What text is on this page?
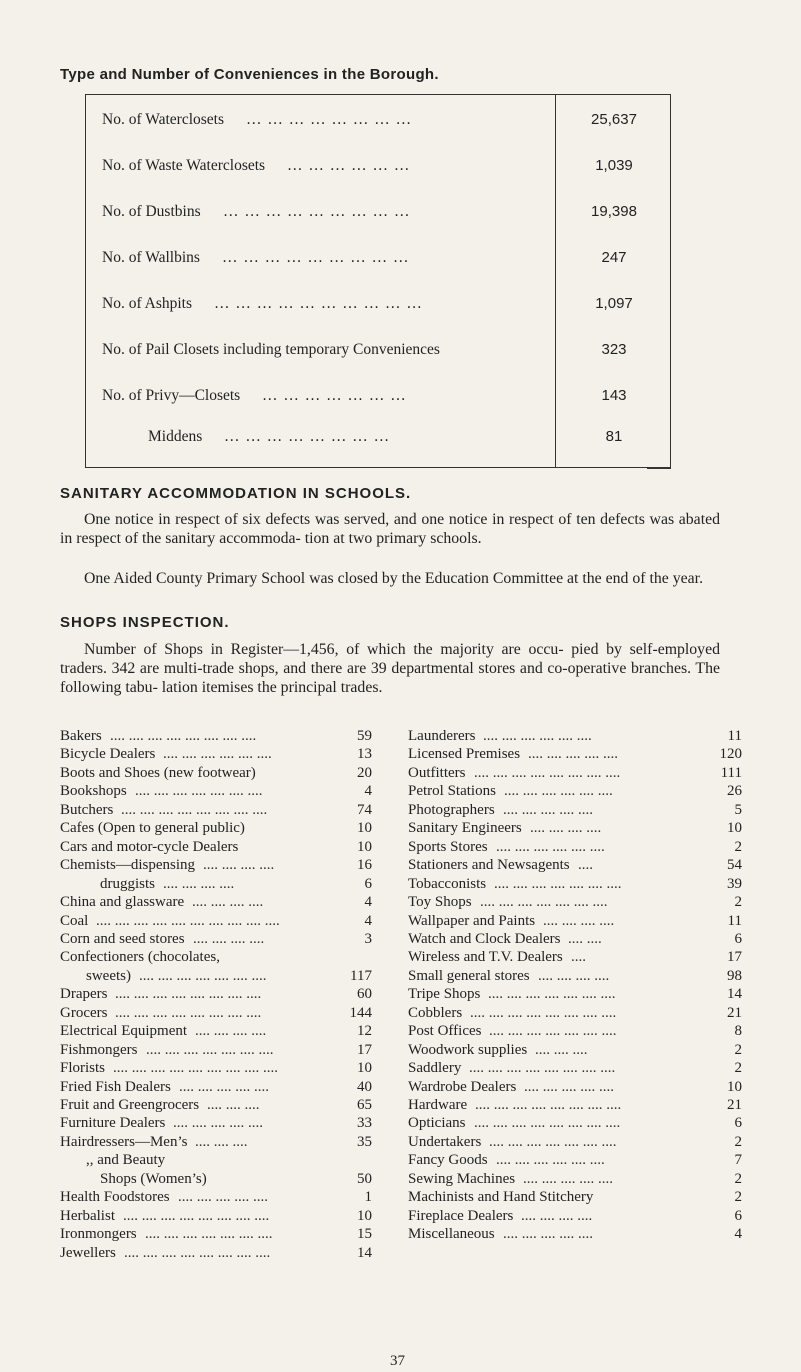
Type and Number of Conveniences in the Borough.
No. of Waterclosets … … … … … … … …	25,637
No. of Waste Waterclosets … … … … … …	1,039
No. of Dustbins … … … … … … … … …	19,398
No. of Wallbins … … … … … … … … …	247
No. of Ashpits … … … … … … … … … …	1,097
No. of Pail Closets including temporary Conveniences	323
No. of Privy—Closets … … … … … … …	143
Middens … … … … … … … …	81
SANITARY ACCOMMODATION IN SCHOOLS.
One notice in respect of six defects was served, and one notice in respect of ten defects was abated in respect of the sanitary accommoda- tion at two primary schools.
One Aided County Primary School was closed by the Education Committee at the end of the year.
SHOPS INSPECTION.
Number of Shops in Register—1,456, of which the majority are occu- pied by self-employed traders. 342 are multi-trade shops, and there are 39 departmental stores and co-operative branches. The following tabu- lation itemises the principal trades.
Bakers .... .... .... .... .... .... .... ....	59
Bicycle Dealers .... .... .... .... .... ....	13
Boots and Shoes (new footwear)	20
Bookshops .... .... .... .... .... .... ....	4
Butchers .... .... .... .... .... .... .... ....	74
Cafes (Open to general public)	10
Cars and motor-cycle Dealers	10
Chemists—dispensing .... .... .... ....	16
druggists .... .... .... ....	6
China and glassware .... .... .... ....	4
Coal .... .... .... .... .... .... .... .... .... ....	4
Corn and seed stores .... .... .... ....	3
Confectioners (chocolates,
sweets) .... .... .... .... .... .... ....	117
Drapers .... .... .... .... .... .... .... ....	60
Grocers .... .... .... .... .... .... .... ....	144
Electrical Equipment .... .... .... ....	12
Fishmongers .... .... .... .... .... .... ....	17
Florists .... .... .... .... .... .... .... .... ....	10
Fried Fish Dealers .... .... .... .... ....	40
Fruit and Greengrocers .... .... ....	65
Furniture Dealers .... .... .... .... ....	33
Hairdressers—Men’s .... .... ....	35
,, and Beauty
Shops (Women’s)	50
Health Foodstores .... .... .... .... ....	1
Herbalist .... .... .... .... .... .... .... ....	10
Ironmongers .... .... .... .... .... .... ....	15
Jewellers .... .... .... .... .... .... .... ....	14
Launderers .... .... .... .... .... ....	11
Licensed Premises .... .... .... .... ....	120
Outfitters .... .... .... .... .... .... .... ....	111
Petrol Stations .... .... .... .... .... ....	26
Photographers .... .... .... .... ....	5
Sanitary Engineers .... .... .... ....	10
Sports Stores .... .... .... .... .... ....	2
Stationers and Newsagents ....	54
Tobacconists .... .... .... .... .... .... ....	39
Toy Shops .... .... .... .... .... .... ....	2
Wallpaper and Paints .... .... .... ....	11
Watch and Clock Dealers .... ....	6
Wireless and T.V. Dealers ....	17
Small general stores .... .... .... ....	98
Tripe Shops .... .... .... .... .... .... ....	14
Cobblers .... .... .... .... .... .... .... ....	21
Post Offices .... .... .... .... .... .... ....	8
Woodwork supplies .... .... ....	2
Saddlery .... .... .... .... .... .... .... ....	2
Wardrobe Dealers .... .... .... .... ....	10
Hardware .... .... .... .... .... .... .... ....	21
Opticians .... .... .... .... .... .... .... ....	6
Undertakers .... .... .... .... .... .... ....	2
Fancy Goods .... .... .... .... .... ....	7
Sewing Machines .... .... .... .... ....	2
Machinists and Hand Stitchery	2
Fireplace Dealers .... .... .... ....	6
Miscellaneous .... .... .... .... ....	4
37
